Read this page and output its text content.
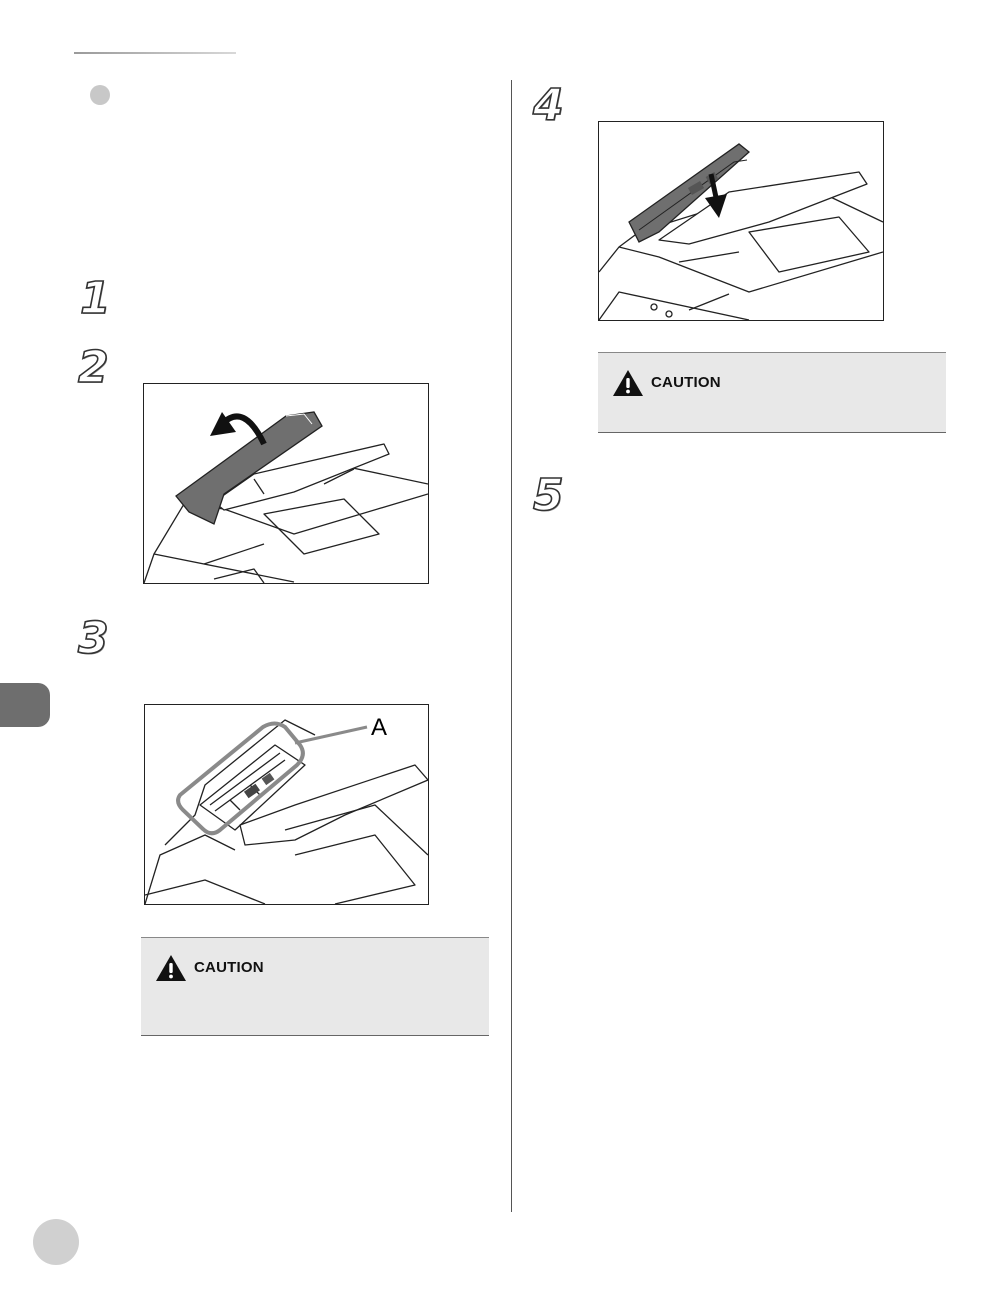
1
2
3
4
5
A
CAUTION
CAUTION
